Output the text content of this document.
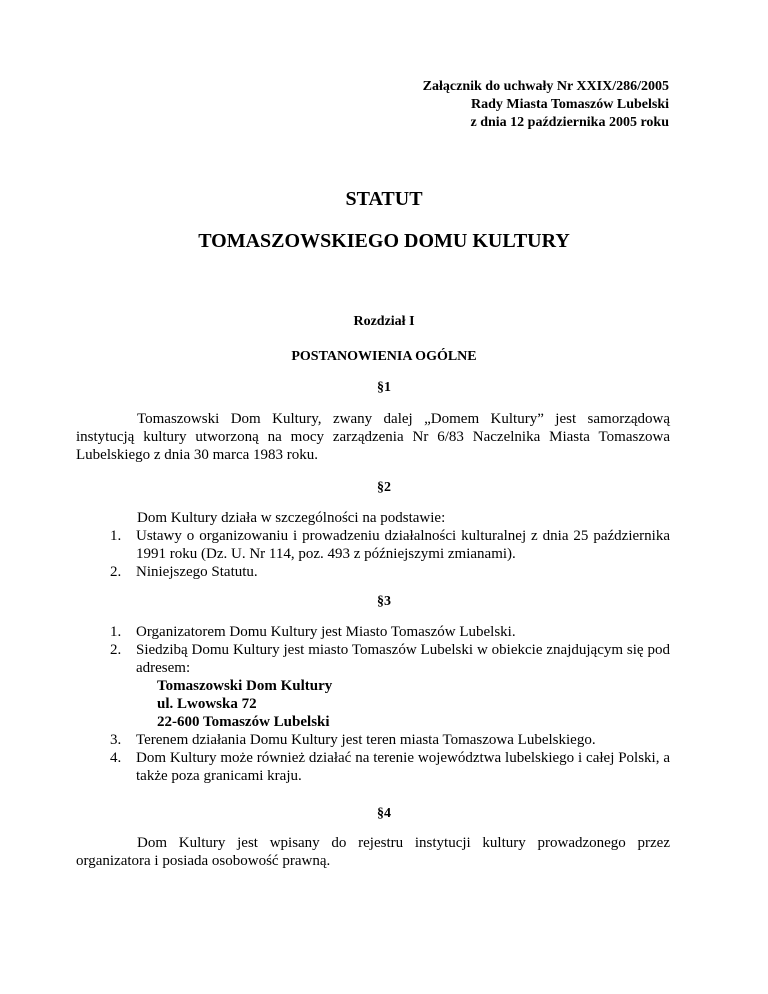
Załącznik do uchwały Nr XXIX/286/2005
Rady Miasta Tomaszów Lubelski
z dnia 12 października 2005 roku
STATUT
TOMASZOWSKIEGO DOMU KULTURY
Rozdział I
POSTANOWIENIA OGÓLNE
§1
Tomaszowski Dom Kultury, zwany dalej „Domem Kultury” jest samorządową instytucją kultury utworzoną na mocy zarządzenia Nr 6/83 Naczelnika Miasta Tomaszowa Lubelskiego z dnia 30 marca 1983 roku.
§2
Dom Kultury działa w szczególności na podstawie:
1. Ustawy o organizowaniu i prowadzeniu działalności kulturalnej z dnia 25 października 1991 roku (Dz. U. Nr 114, poz. 493 z późniejszymi zmianami).
2. Niniejszego Statutu.
§3
1. Organizatorem Domu Kultury jest Miasto Tomaszów Lubelski.
2. Siedzibą Domu Kultury jest miasto Tomaszów Lubelski w obiekcie znajdującym się pod adresem:
Tomaszowski Dom Kultury
ul. Lwowska 72
22-600 Tomaszów Lubelski
3. Terenem działania Domu Kultury jest teren miasta Tomaszowa Lubelskiego.
4. Dom Kultury może również działać na terenie województwa lubelskiego i całej Polski, a także poza granicami kraju.
§4
Dom Kultury jest wpisany do rejestru instytucji kultury prowadzonego przez organizatora i posiada osobowość prawną.
